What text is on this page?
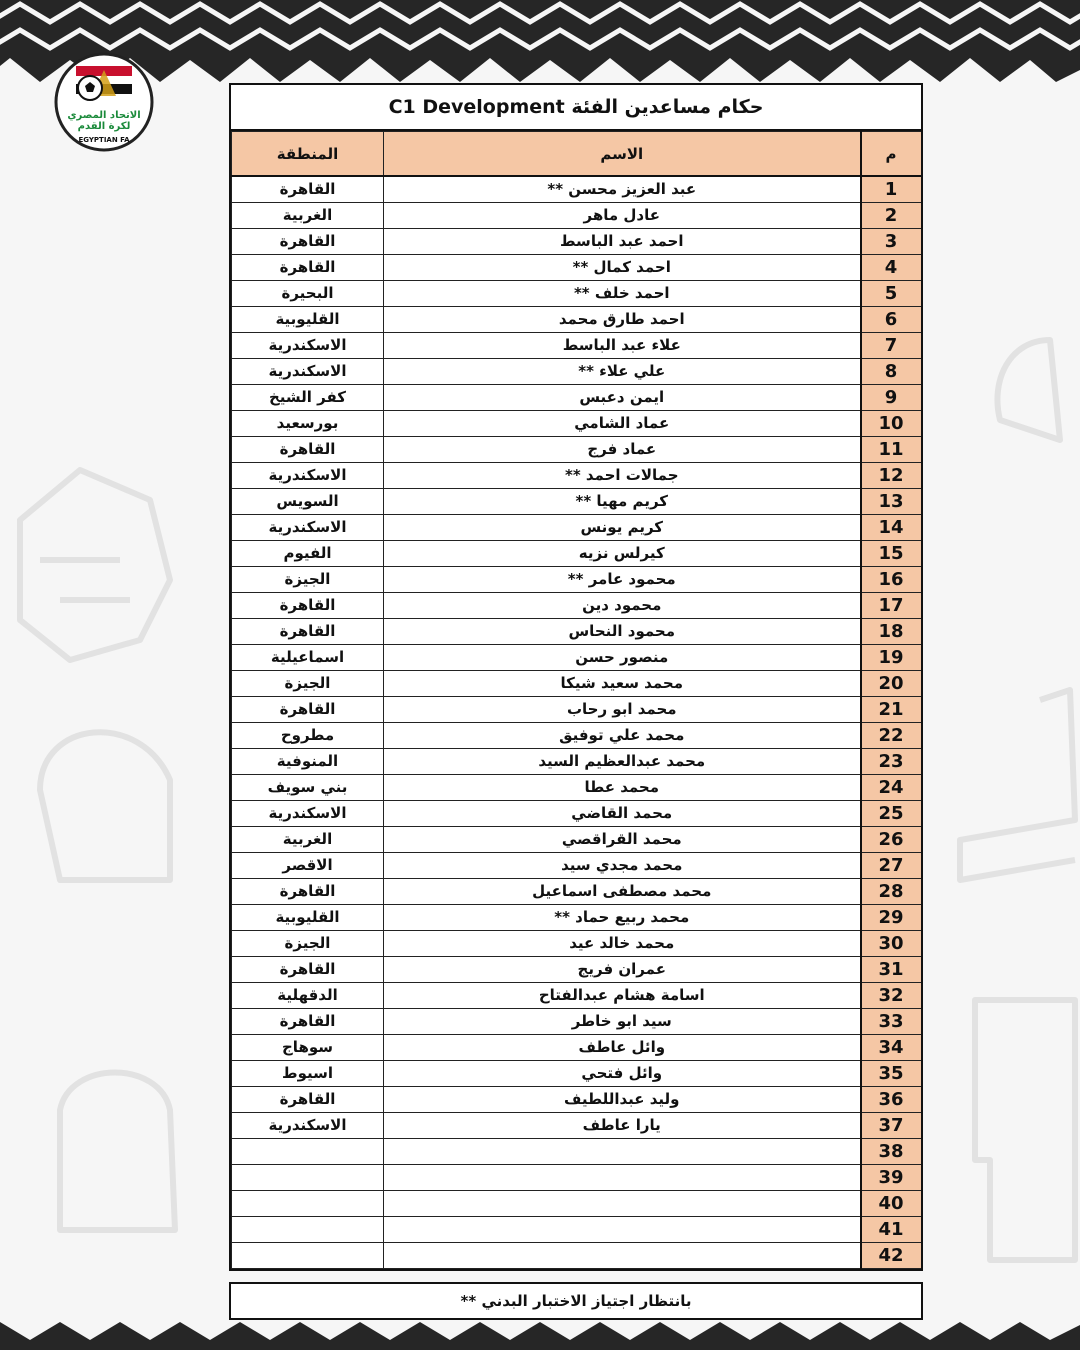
الاتحاد المصري
لكرة القدم
EGYPTIAN FA
حكام مساعدين الفئة C1 Development
م	الاسم	المنطقة
1	عبد العزيز محسن **	القاهرة
2	عادل ماهر	الغربية
3	احمد عبد الباسط	القاهرة
4	احمد كمال **	القاهرة
5	احمد خلف **	البحيرة
6	احمد طارق محمد	القليوبية
7	علاء عبد الباسط	الاسكندرية
8	علي علاء **	الاسكندرية
9	ايمن دعبس	كفر الشيخ
10	عماد الشامي	بورسعيد
11	عماد فرج	القاهرة
12	جمالات احمد **	الاسكندرية
13	كريم مهيا **	السويس
14	كريم يونس	الاسكندرية
15	كيرلس نزيه	الفيوم
16	محمود عامر **	الجيزة
17	محمود دين	القاهرة
18	محمود النحاس	القاهرة
19	منصور حسن	اسماعيلية
20	محمد سعيد شيكا	الجيزة
21	محمد ابو رحاب	القاهرة
22	محمد علي توفيق	مطروح
23	محمد عبدالعظيم السيد	المنوفية
24	محمد عطا	بني سويف
25	محمد القاضي	الاسكندرية
26	محمد القراقصي	الغربية
27	محمد مجدي سيد	الاقصر
28	محمد مصطفى اسماعيل	القاهرة
29	محمد ربيع حماد **	القليوبية
30	محمد خالد عيد	الجيزة
31	عمران فريج	القاهرة
32	اسامة هشام عبدالفتاح	الدقهلية
33	سيد ابو خاطر	القاهرة
34	وائل عاطف	سوهاج
35	وائل فتحي	اسيوط
36	وليد عبداللطيف	القاهرة
37	يارا عاطف	الاسكندرية
38		
39		
40		
41		
42		
بانتظار اجتياز الاختبار البدني **
